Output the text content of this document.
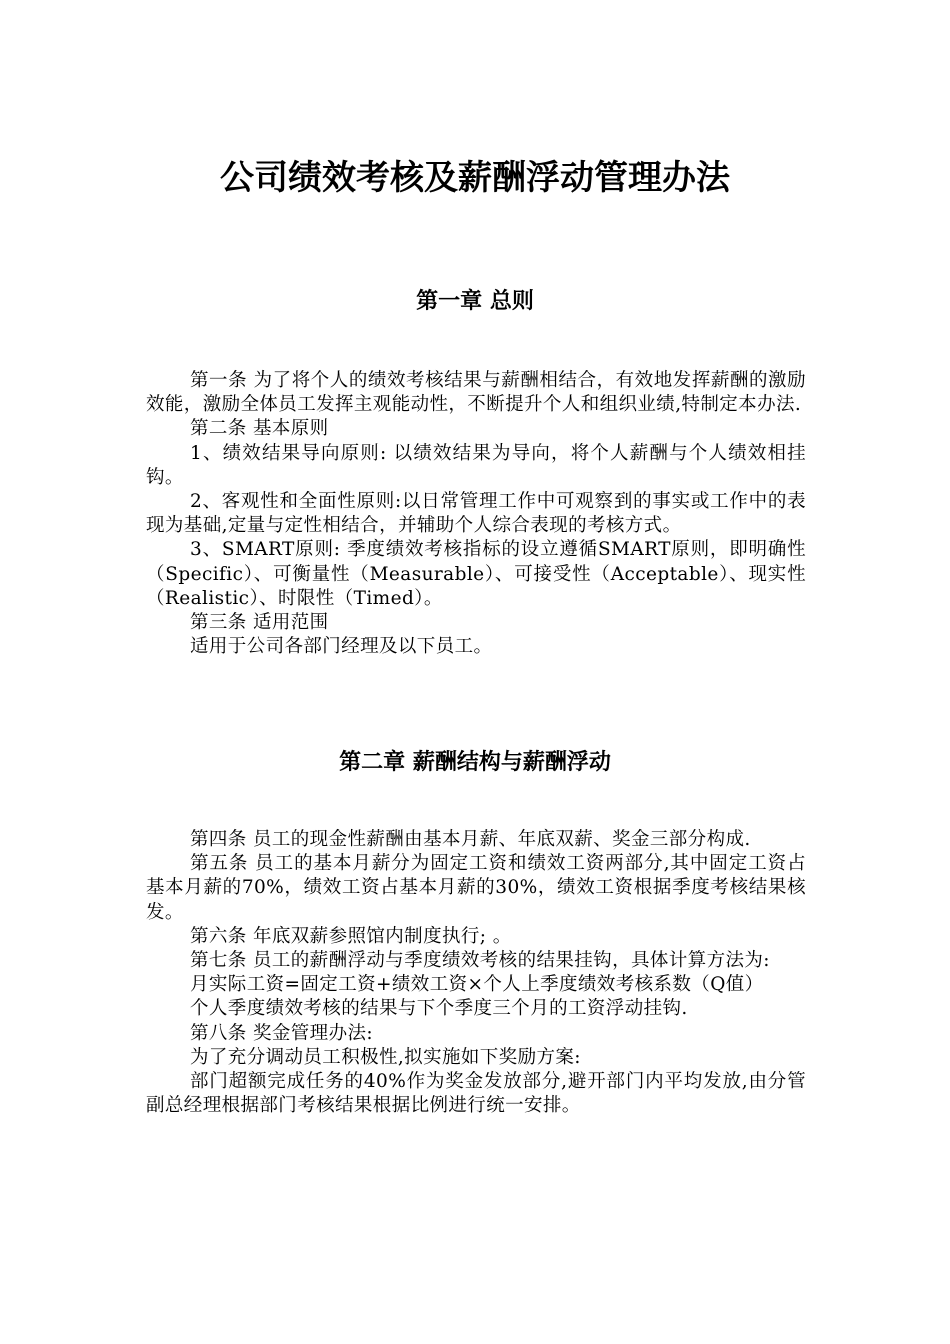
公司绩效考核及薪酬浮动管理办法
第一章 总则

第一条 为了将个人的绩效考核结果与薪酬相结合，有效地发挥薪酬的激励效能，激励全体员工发挥主观能动性，不断提升个人和组织业绩,特制定本办法.

第二条 基本原则

1、绩效结果导向原则: 以绩效结果为导向，将个人薪酬与个人绩效相挂钩。

2、客观性和全面性原则:以日常管理工作中可观察到的事实或工作中的表现为基础,定量与定性相结合，并辅助个人综合表现的考核方式。

3、SMART原则: 季度绩效考核指标的设立遵循SMART原则，即明确性（Specific）、可衡量性（Measurable）、可接受性（Acceptable）、现实性（Realistic）、时限性（Timed）。

第三条 适用范围

适用于公司各部门经理及以下员工。

第二章 薪酬结构与薪酬浮动

第四条 员工的现金性薪酬由基本月薪、年底双薪、奖金三部分构成.

第五条 员工的基本月薪分为固定工资和绩效工资两部分,其中固定工资占基本月薪的70%，绩效工资占基本月薪的30%，绩效工资根据季度考核结果核发。

第六条 年底双薪参照馆内制度执行; 。

第七条 员工的薪酬浮动与季度绩效考核的结果挂钩，具体计算方法为:

月实际工资=固定工资+绩效工资×个人上季度绩效考核系数（Q值）

个人季度绩效考核的结果与下个季度三个月的工资浮动挂钩.

第八条 奖金管理办法:

为了充分调动员工积极性,拟实施如下奖励方案:

部门超额完成任务的40%作为奖金发放部分,避开部门内平均发放,由分管副总经理根据部门考核结果根据比例进行统一安排。
